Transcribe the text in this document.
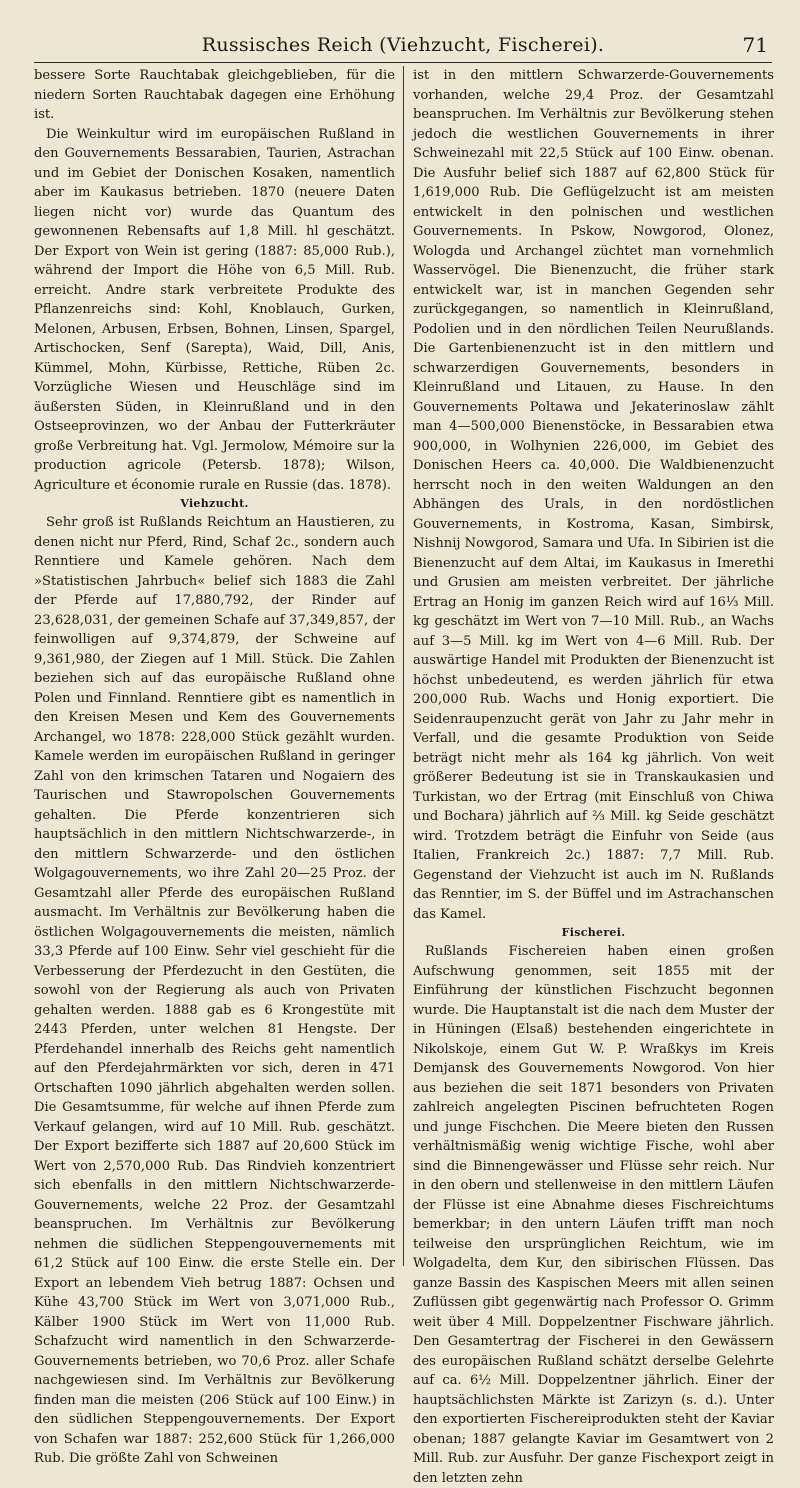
Russisches Reich (Viehzucht, Fischerei).	71

bessere Sorte Rauchtabak gleichgeblieben, für die niedern Sorten Rauchtabak dagegen eine Erhöhung ist.

Die Weinkultur wird im europäischen Rußland in den Gouvernements Bessarabien, Taurien, Astrachan und im Gebiet der Donischen Kosaken, namentlich aber im Kaukasus betrieben. 1870 (neuere Daten liegen nicht vor) wurde das Quantum des gewonnenen Rebensafts auf 1,8 Mill. hl geschätzt. Der Export von Wein ist gering (1887: 85,000 Rub.), während der Import die Höhe von 6,5 Mill. Rub. erreicht. Andre stark verbreitete Produkte des Pflanzenreichs sind: Kohl, Knoblauch, Gurken, Melonen, Arbusen, Erbsen, Bohnen, Linsen, Spargel, Artischocken, Senf (Sarepta), Waid, Dill, Anis, Kümmel, Mohn, Kürbisse, Rettiche, Rüben 2c. Vorzügliche Wiesen und Heuschläge sind im äußersten Süden, in Kleinrußland und in den Ostseeprovinzen, wo der Anbau der Futterkräuter große Verbreitung hat. Vgl. Jermolow, Mémoire sur la production agricole (Petersb. 1878); Wilson, Agriculture et économie rurale en Russie (das. 1878).

Viehzucht.

Sehr groß ist Rußlands Reichtum an Haustieren, zu denen nicht nur Pferd, Rind, Schaf 2c., sondern auch Renntiere und Kamele gehören. Nach dem »Statistischen Jahrbuch« belief sich 1883 die Zahl der Pferde auf 17,880,792, der Rinder auf 23,628,031, der gemeinen Schafe auf 37,349,857, der feinwolligen auf 9,374,879, der Schweine auf 9,361,980, der Ziegen auf 1 Mill. Stück. Die Zahlen beziehen sich auf das europäische Rußland ohne Polen und Finnland. Renntiere gibt es namentlich in den Kreisen Mesen und Kem des Gouvernements Archangel, wo 1878: 228,000 Stück gezählt wurden. Kamele werden im europäischen Rußland in geringer Zahl von den krimschen Tataren und Nogaiern des Taurischen und Stawropolschen Gouvernements gehalten. Die Pferde konzentrieren sich hauptsächlich in den mittlern Nichtschwarzerde-, in den mittlern Schwarzerde- und den östlichen Wolgagouvernements, wo ihre Zahl 20—25 Proz. der Gesamtzahl aller Pferde des europäischen Rußland ausmacht. Im Verhältnis zur Bevölkerung haben die östlichen Wolgagouvernements die meisten, nämlich 33,3 Pferde auf 100 Einw. Sehr viel geschieht für die Verbesserung der Pferdezucht in den Gestüten, die sowohl von der Regierung als auch von Privaten gehalten werden. 1888 gab es 6 Krongestüte mit 2443 Pferden, unter welchen 81 Hengste. Der Pferdehandel innerhalb des Reichs geht namentlich auf den Pferdejahrmärkten vor sich, deren in 471 Ortschaften 1090 jährlich abgehalten werden sollen. Die Gesamtsumme, für welche auf ihnen Pferde zum Verkauf gelangen, wird auf 10 Mill. Rub. geschätzt. Der Export bezifferte sich 1887 auf 20,600 Stück im Wert von 2,570,000 Rub. Das Rindvieh konzentriert sich ebenfalls in den mittlern Nichtschwarzerde-Gouvernements, welche 22 Proz. der Gesamtzahl beanspruchen. Im Verhältnis zur Bevölkerung nehmen die südlichen Steppengouvernements mit 61,2 Stück auf 100 Einw. die erste Stelle ein. Der Export an lebendem Vieh betrug 1887: Ochsen und Kühe 43,700 Stück im Wert von 3,071,000 Rub., Kälber 1900 Stück im Wert von 11,000 Rub. Schafzucht wird namentlich in den Schwarzerde-Gouvernements betrieben, wo 70,6 Proz. aller Schafe nachgewiesen sind. Im Verhältnis zur Bevölkerung finden man die meisten (206 Stück auf 100 Einw.) in den südlichen Steppengouvernements. Der Export von Schafen war 1887: 252,600 Stück für 1,266,000 Rub. Die größte Zahl von Schweinen

ist in den mittlern Schwarzerde-Gouvernements vorhanden, welche 29,4 Proz. der Gesamtzahl beanspruchen. Im Verhältnis zur Bevölkerung stehen jedoch die westlichen Gouvernements in ihrer Schweinezahl mit 22,5 Stück auf 100 Einw. obenan. Die Ausfuhr belief sich 1887 auf 62,800 Stück für 1,619,000 Rub. Die Geflügelzucht ist am meisten entwickelt in den polnischen und westlichen Gouvernements. In Pskow, Nowgorod, Olonez, Wologda und Archangel züchtet man vornehmlich Wasservögel. Die Bienenzucht, die früher stark entwickelt war, ist in manchen Gegenden sehr zurückgegangen, so namentlich in Kleinrußland, Podolien und in den nördlichen Teilen Neurußlands. Die Gartenbienenzucht ist in den mittlern und schwarzerdigen Gouvernements, besonders in Kleinrußland und Litauen, zu Hause. In den Gouvernements Poltawa und Jekaterinoslaw zählt man 4—500,000 Bienenstöcke, in Bessarabien etwa 900,000, in Wolhynien 226,000, im Gebiet des Donischen Heers ca. 40,000. Die Waldbienenzucht herrscht noch in den weiten Waldungen an den Abhängen des Urals, in den nordöstlichen Gouvernements, in Kostroma, Kasan, Simbirsk, Nishnij Nowgorod, Samara und Ufa. In Sibirien ist die Bienenzucht auf dem Altai, im Kaukasus in Imerethi und Grusien am meisten verbreitet. Der jährliche Ertrag an Honig im ganzen Reich wird auf 16⅓ Mill. kg geschätzt im Wert von 7—10 Mill. Rub., an Wachs auf 3—5 Mill. kg im Wert von 4—6 Mill. Rub. Der auswärtige Handel mit Produkten der Bienenzucht ist höchst unbedeutend, es werden jährlich für etwa 200,000 Rub. Wachs und Honig exportiert. Die Seidenraupenzucht gerät von Jahr zu Jahr mehr in Verfall, und die gesamte Produktion von Seide beträgt nicht mehr als 164 kg jährlich. Von weit größerer Bedeutung ist sie in Transkaukasien und Turkistan, wo der Ertrag (mit Einschluß von Chiwa und Bochara) jährlich auf ⅔ Mill. kg Seide geschätzt wird. Trotzdem beträgt die Einfuhr von Seide (aus Italien, Frankreich 2c.) 1887: 7,7 Mill. Rub. Gegenstand der Viehzucht ist auch im N. Rußlands das Renntier, im S. der Büffel und im Astrachanschen das Kamel.

Fischerei.

Rußlands Fischereien haben einen großen Aufschwung genommen, seit 1855 mit der Einführung der künstlichen Fischzucht begonnen wurde. Die Hauptanstalt ist die nach dem Muster der in Hüningen (Elsaß) bestehenden eingerichtete in Nikolskoje, einem Gut W. P. Wraßkys im Kreis Demjansk des Gouvernements Nowgorod. Von hier aus beziehen die seit 1871 besonders von Privaten zahlreich angelegten Piscinen befruchteten Rogen und junge Fischchen. Die Meere bieten den Russen verhältnismäßig wenig wichtige Fische, wohl aber sind die Binnengewässer und Flüsse sehr reich. Nur in den obern und stellenweise in den mittlern Läufen der Flüsse ist eine Abnahme dieses Fischreichtums bemerkbar; in den untern Läufen trifft man noch teilweise den ursprünglichen Reichtum, wie im Wolgadelta, dem Kur, den sibirischen Flüssen. Das ganze Bassin des Kaspischen Meers mit allen seinen Zuflüssen gibt gegenwärtig nach Professor O. Grimm weit über 4 Mill. Doppelzentner Fischware jährlich. Den Gesamtertrag der Fischerei in den Gewässern des europäischen Rußland schätzt derselbe Gelehrte auf ca. 6½ Mill. Doppelzentner jährlich. Einer der hauptsächlichsten Märkte ist Zarizyn (s. d.). Unter den exportierten Fischereiprodukten steht der Kaviar obenan; 1887 gelangte Kaviar im Gesamtwert von 2 Mill. Rub. zur Ausfuhr. Der ganze Fischexport zeigt in den letzten zehn
